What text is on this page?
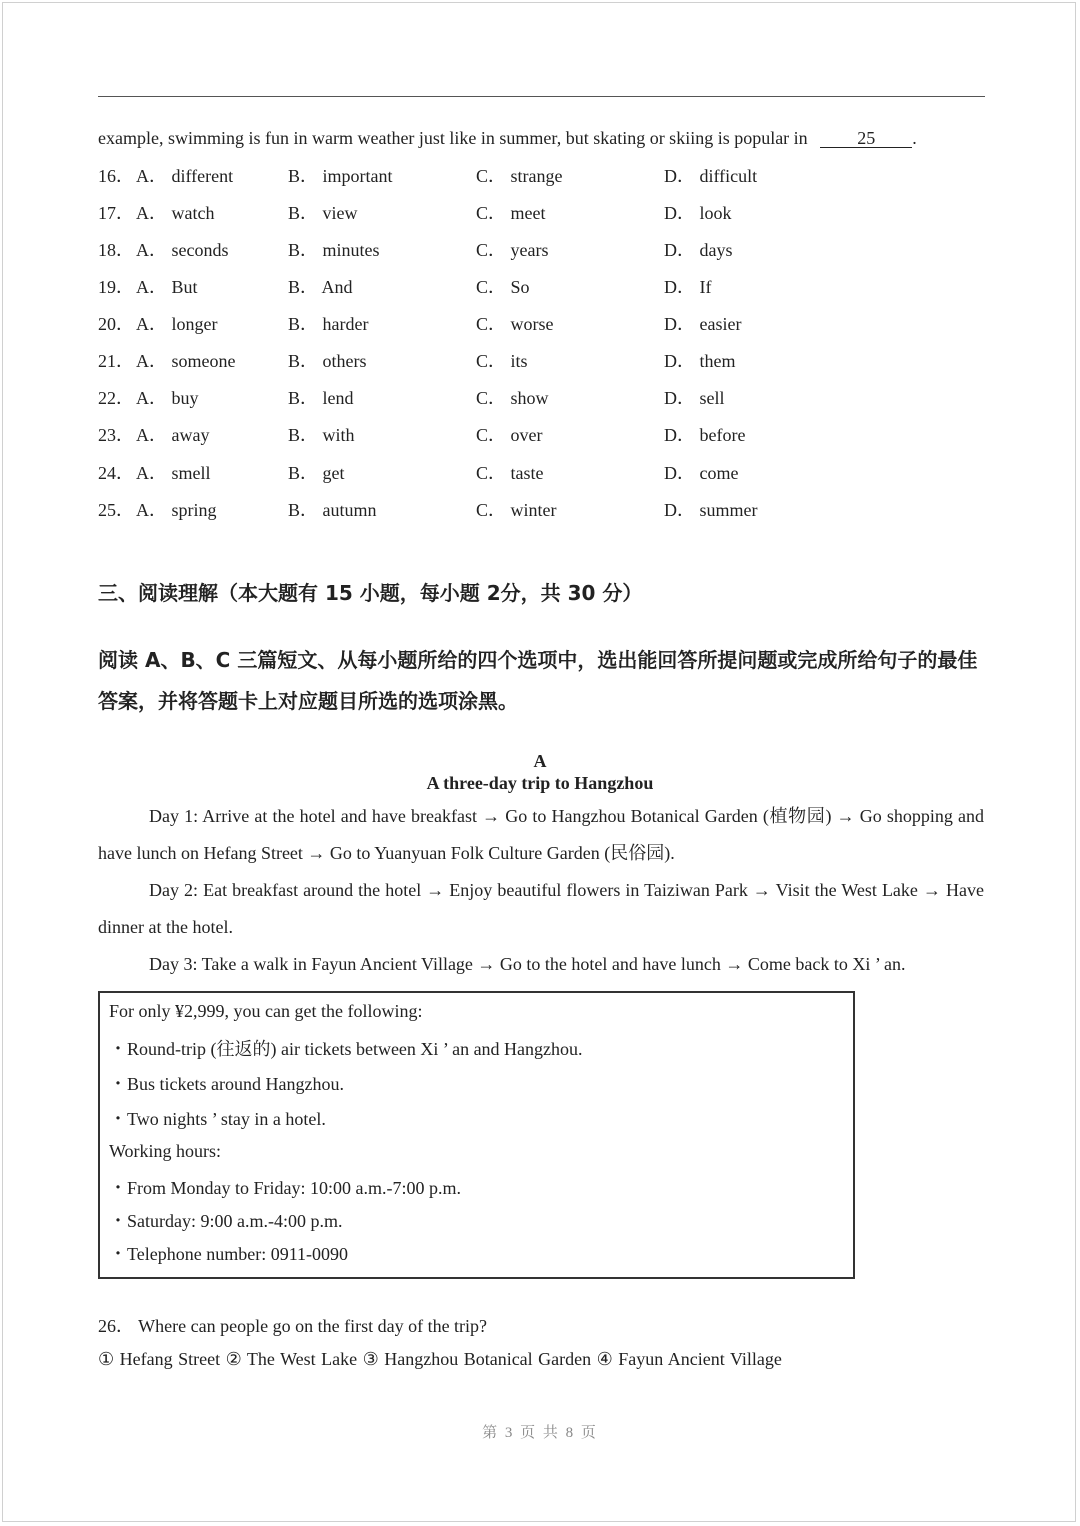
example, swimming is fun in warm weather just like in summer, but skating or skiing is popular in	25 .
16． A． different	B． important	C． strange	D． difficult
17． A． watch	B． view	C． meet	D． look
18． A． seconds	B． minutes	C． years	D． days
19． A． But	B． And	C． So	D． If
20． A． longer	B． harder	C． worse	D． easier
21． A． someone	B． others	C． its	D． them
22． A． buy	B． lend	C． show	D． sell
23． A． away	B． with	C． over	D． before
24． A． smell	B． get	C． taste	D． come
25． A． spring	B． autumn	C． winter	D． summer
三、阅读理解（本大题有 15 小题，每小题 2分，共 30 分）
阅读 A、B、C 三篇短文、从每小题所给的四个选项中，选出能回答所提问题或完成所给句子的最佳答案，并将答题卡上对应题目所选的选项涂黑。
A
A three-day trip to Hangzhou
Day 1: Arrive at the hotel and have breakfast → Go to Hangzhou Botanical Garden (植物园) → Go shopping and have lunch on Hefang Street → Go to Yuanyuan Folk Culture Garden (民俗园).
Day 2: Eat breakfast around the hotel → Enjoy beautiful flowers in Taiziwan Park → Visit the West Lake → Have dinner at the hotel.
Day 3: Take a walk in Fayun Ancient Village → Go to the hotel and have lunch → Come back to Xi ’ an.
For only ¥2,999, you can get the following:
・Round-trip (往返的) air tickets between Xi ’ an and Hangzhou.
・Bus tickets around Hangzhou.
・Two nights ’ stay in a hotel.
Working hours:
・From Monday to Friday: 10:00 a.m.-7:00 p.m.
・Saturday: 9:00 a.m.-4:00 p.m.
・Telephone number: 0911-0090
26． Where can people go on the first day of the trip?
① Hefang Street ② The West Lake ③ Hangzhou Botanical Garden ④ Fayun Ancient Village
第 3 页 共 8 页
